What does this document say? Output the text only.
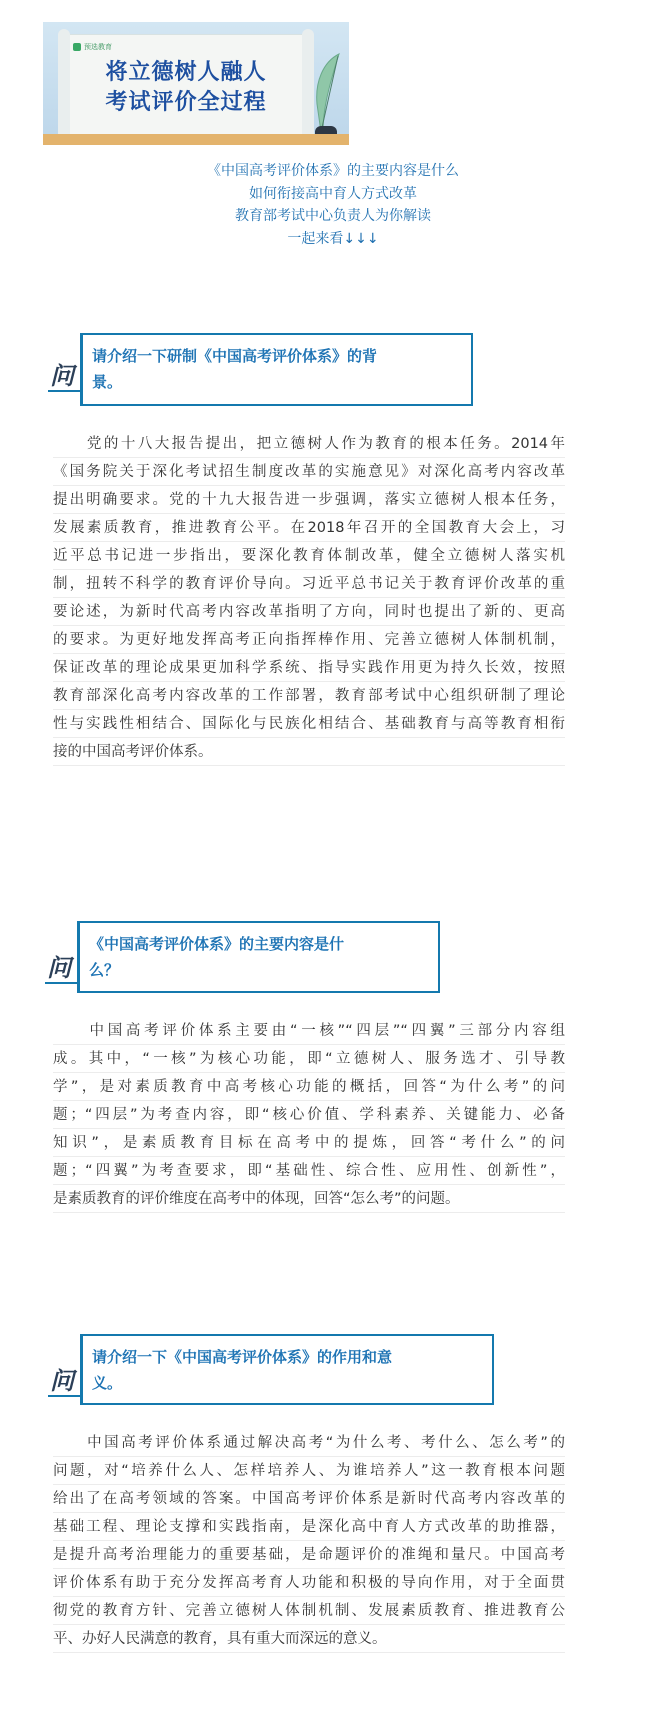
预选教育
将立德树人融人
考试评价全过程
《中国高考评价体系》的主要内容是什么
如何衔接高中育人方式改革
教育部考试中心负责人为你解读
一起来看↓↓↓
问
请介绍一下研制《中国高考评价体系》的背
景。
　　党的十八大报告提出，把立德树人作为教育的根本任务。2014年
《国务院关于深化考试招生制度改革的实施意见》对深化高考内容改革
提出明确要求。党的十九大报告进一步强调，落实立德树人根本任务，
发展素质教育，推进教育公平。在2018年召开的全国教育大会上，习
近平总书记进一步指出，要深化教育体制改革，健全立德树人落实机
制，扭转不科学的教育评价导向。习近平总书记关于教育评价改革的重
要论述，为新时代高考内容改革指明了方向，同时也提出了新的、更高
的要求。为更好地发挥高考正向指挥棒作用、完善立德树人体制机制，
保证改革的理论成果更加科学系统、指导实践作用更为持久长效，按照
教育部深化高考内容改革的工作部署，教育部考试中心组织研制了理论
性与实践性相结合、国际化与民族化相结合、基础教育与高等教育相衔
接的中国高考评价体系。
问
《中国高考评价体系》的主要内容是什
么？
　　中国高考评价体系主要由“一核”“四层”“四翼”三部分内容组
成。其中，“一核”为核心功能，即“立德树人、服务选才、引导教
学”，是对素质教育中高考核心功能的概括，回答“为什么考”的问
题；“四层”为考查内容，即“核心价值、学科素养、关键能力、必备
知识”，是素质教育目标在高考中的提炼，回答“考什么”的问
题；“四翼”为考查要求，即“基础性、综合性、应用性、创新性”，
是素质教育的评价维度在高考中的体现，回答“怎么考”的问题。
问
请介绍一下《中国高考评价体系》的作用和意
义。
　　中国高考评价体系通过解决高考“为什么考、考什么、怎么考”的
问题，对“培养什么人、怎样培养人、为谁培养人”这一教育根本问题
给出了在高考领域的答案。中国高考评价体系是新时代高考内容改革的
基础工程、理论支撑和实践指南，是深化高中育人方式改革的助推器，
是提升高考治理能力的重要基础，是命题评价的准绳和量尺。中国高考
评价体系有助于充分发挥高考育人功能和积极的导向作用，对于全面贯
彻党的教育方针、完善立德树人体制机制、发展素质教育、推进教育公
平、办好人民满意的教育，具有重大而深远的意义。
